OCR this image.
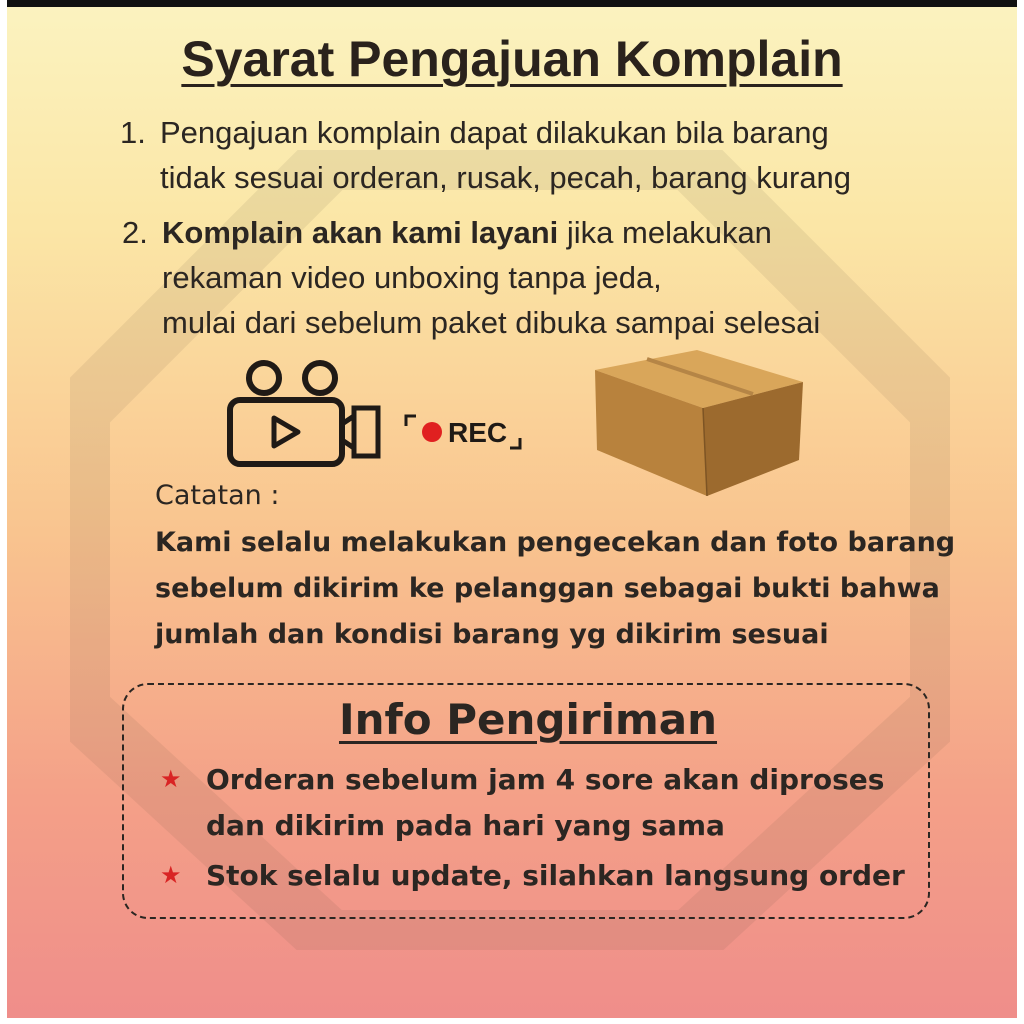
Syarat Pengajuan Komplain
1. Pengajuan komplain dapat dilakukan bila barang
tidak sesuai orderan, rusak, pecah, barang kurang
2. Komplain akan kami layani jika melakukan
rekaman video unboxing tanpa jeda,
mulai dari sebelum paket dibuka sampai selesai
REC
Catatan :
Kami selalu melakukan pengecekan dan foto barang
sebelum dikirim ke pelanggan sebagai bukti bahwa
jumlah dan kondisi barang yg dikirim sesuai
Info Pengiriman
★ Orderan sebelum jam 4 sore akan diproses
dan dikirim pada hari yang sama
★ Stok selalu update, silahkan langsung order
